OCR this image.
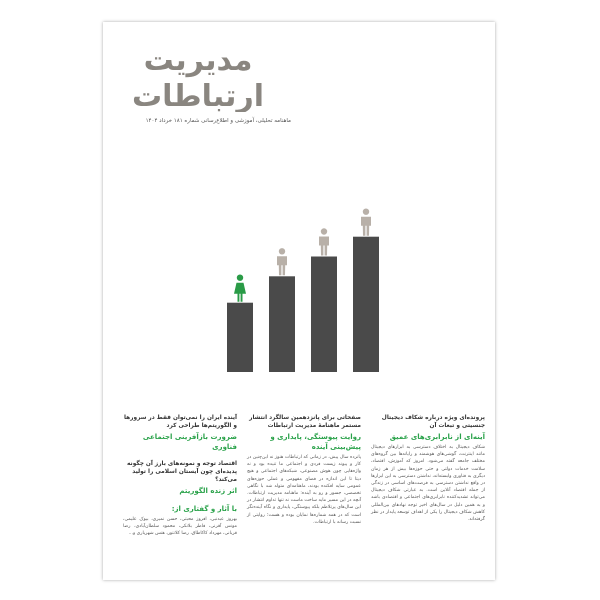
مدیریت
ارتباطات
ماهنامه تحلیلی، آموزشی و اطلاع‌رسانی شماره ۱۸۱ خرداد ۱۴۰۴
پرونده‌ای ویژه درباره شکاف دیجیتال جنسیتی و تبعات آن
آینه‌ای از نابرابری‌های عمیق
شکاف دیجیتال به اختلاف دسترسی به ابزارهای دیجیتال مانند اینترنت، گوشی‌های هوشمند و رایانه‌ها بین گروه‌های مختلف جامعه گفته می‌شود. امروز که آموزش، اقتصاد، سلامت خدمات دولتی و حتی حوزه‌ها بیش از هر زمان دیگری به فناوری وابسته‌اند، نداشتن دسترسی به این ابزارها در واقع نداشتن دسترسی به فرصت‌های اساسی در زندگی از جمله اقتصاد آنلاین است. به عبارتی شکاف دیجیتال می‌تواند تشدیدکننده نابرابری‌های اجتماعی و اقتصادی باشد و به همین دلیل در سال‌های اخیر توجه نهادهای بین‌المللی کاهش شکاف دیجیتال را یکی از اهداف توسعه پایدار در نظر گرفته‌اند.
صفحاتی برای پانزدهمین سالگرد انتشار مستمر ماهنامهٔ مدیریت ارتباطات
روایت پیوستگی، پایداری و پیش‌بینی آینده
پانزده سال پیش، در زمانی که ارتباطات هنوز نه این‌چنین در کار و پیوند زیست فردی و اجتماعی ما تنیده بود و نه واژه‌هایی چون هوش مصنوعی، شبکه‌های اجتماعی و هیچ دیتا تا این اندازه در فضای مفهومی و عملی حوزه‌های عمومی سایه افکنده بودند، ماهنامه‌ای متولد شد با نگاهی تخصصی، جسور و رو به آینده: ماهنامه مدیریت ارتباطات. آنچه در این مسیر مایه ساخت ماست نه تنها تداوم انتشار در این سال‌های پرتلاطم بلکه پیوستگی، پایداری و نگاه آینده‌نگر است که در همه شماره‌ها نمایان بوده و هست؛ روایتی از نسبت رسانه با ارتباطات.
آینده ایران را نمی‌توان فقط در سرورها و الگوریتم‌ها طراحی کرد
ضرورت بازآفرینی اجتماعی فناوری
اقتصاد توجه و نمونه‌های بارز آن چگونه پدیده‌ای چون آیستان اسلامی را تولید می‌کند؟
اثر زنده الگوریتم
با آثار و گفتاری از:
بهروز عبدنبی، افروز محبتی، حسن نمیری، بیوک علیمی، مونس آقرنی، فاطر بلانکی، محمود سلطان‌آبادی، رضا قربانی، مهرداد کاکاطاق، رضا کلانتور، هنس شهریاری و...
